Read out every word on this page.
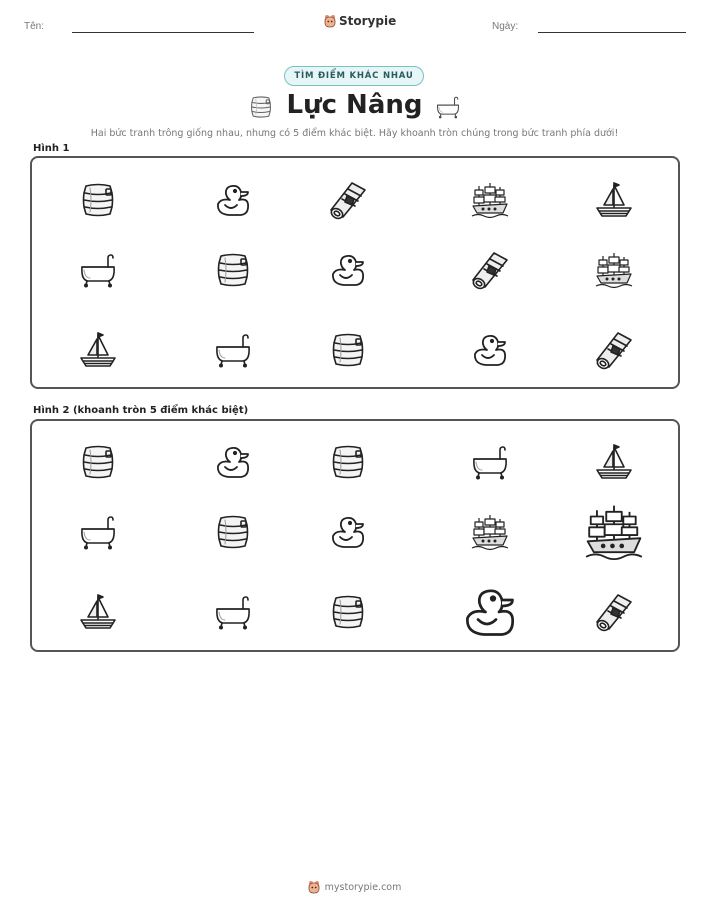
Tên:	Storypie	Ngày:
TÌM ĐIỂM KHÁC NHAU
Lực Nâng
Hai bức tranh trông giống nhau, nhưng có 5 điểm khác biệt. Hãy khoanh tròn chúng trong bức tranh phía dưới!
Hình 1
Hình 2 (khoanh tròn 5 điểm khác biệt)
mystorypie.com
